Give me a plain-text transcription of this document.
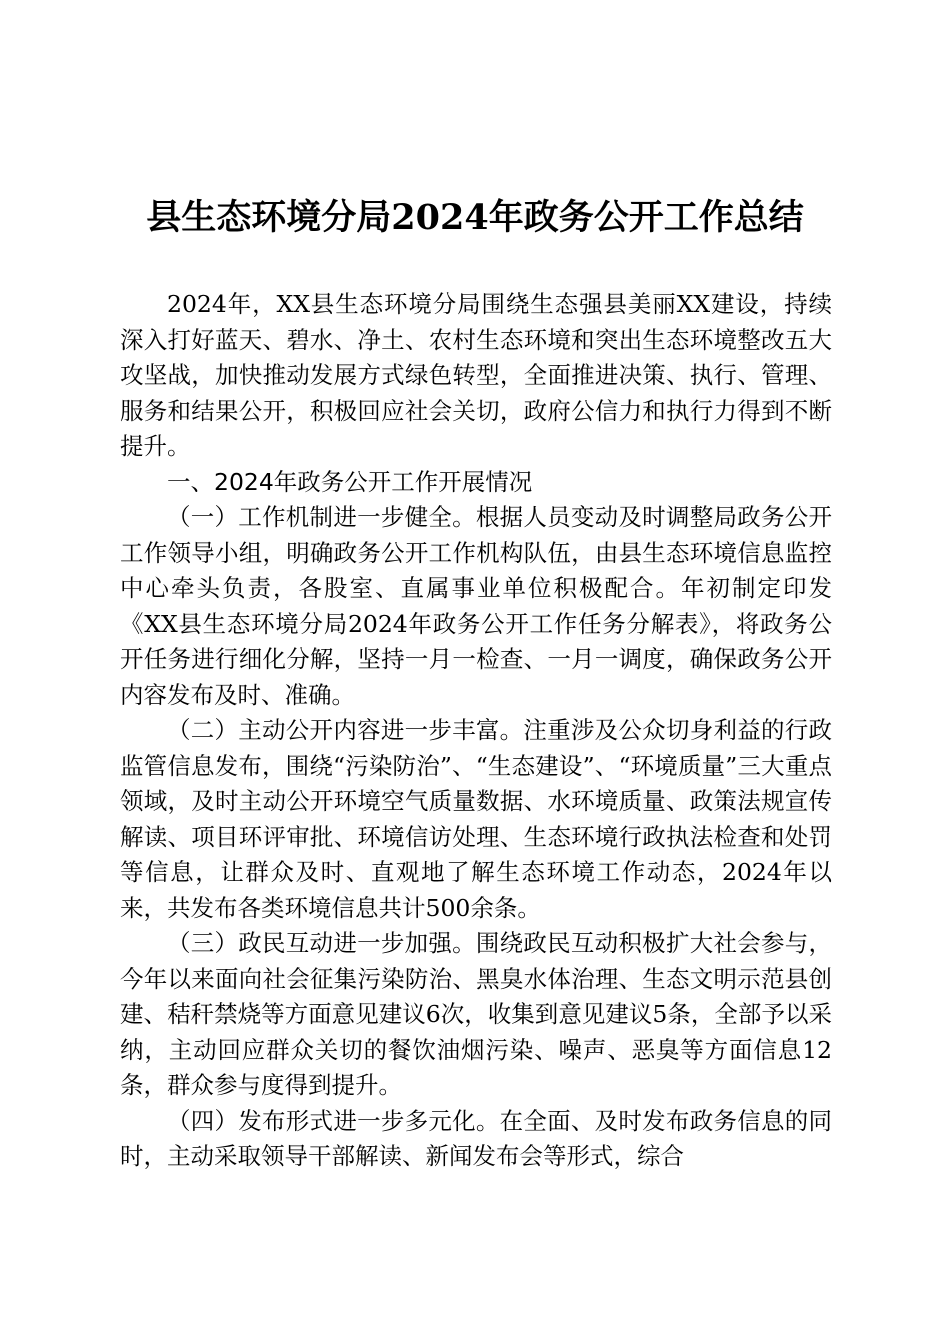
县生态环境分局2024年政务公开工作总结

2024年，XX县生态环境分局围绕生态强县美丽XX建设，持续深入打好蓝天、碧水、净土、农村生态环境和突出生态环境整改五大攻坚战，加快推动发展方式绿色转型，全面推进决策、执行、管理、服务和结果公开，积极回应社会关切，政府公信力和执行力得到不断提升。

一、2024年政务公开工作开展情况

（一）工作机制进一步健全。根据人员变动及时调整局政务公开工作领导小组，明确政务公开工作机构队伍，由县生态环境信息监控中心牵头负责，各股室、直属事业单位积极配合。年初制定印发《XX县生态环境分局2024年政务公开工作任务分解表》，将政务公开任务进行细化分解，坚持一月一检查、一月一调度，确保政务公开内容发布及时、准确。

（二）主动公开内容进一步丰富。注重涉及公众切身利益的行政监管信息发布，围绕“污染防治”、“生态建设”、“环境质量”三大重点领域，及时主动公开环境空气质量数据、水环境质量、政策法规宣传解读、项目环评审批、环境信访处理、生态环境行政执法检查和处罚等信息，让群众及时、直观地了解生态环境工作动态，2024年以来，共发布各类环境信息共计500余条。

（三）政民互动进一步加强。围绕政民互动积极扩大社会参与，今年以来面向社会征集污染防治、黑臭水体治理、生态文明示范县创建、秸秆禁烧等方面意见建议6次，收集到意见建议5条，全部予以采纳，主动回应群众关切的餐饮油烟污染、噪声、恶臭等方面信息12条，群众参与度得到提升。

（四）发布形式进一步多元化。在全面、及时发布政务信息的同时，主动采取领导干部解读、新闻发布会等形式，综合
